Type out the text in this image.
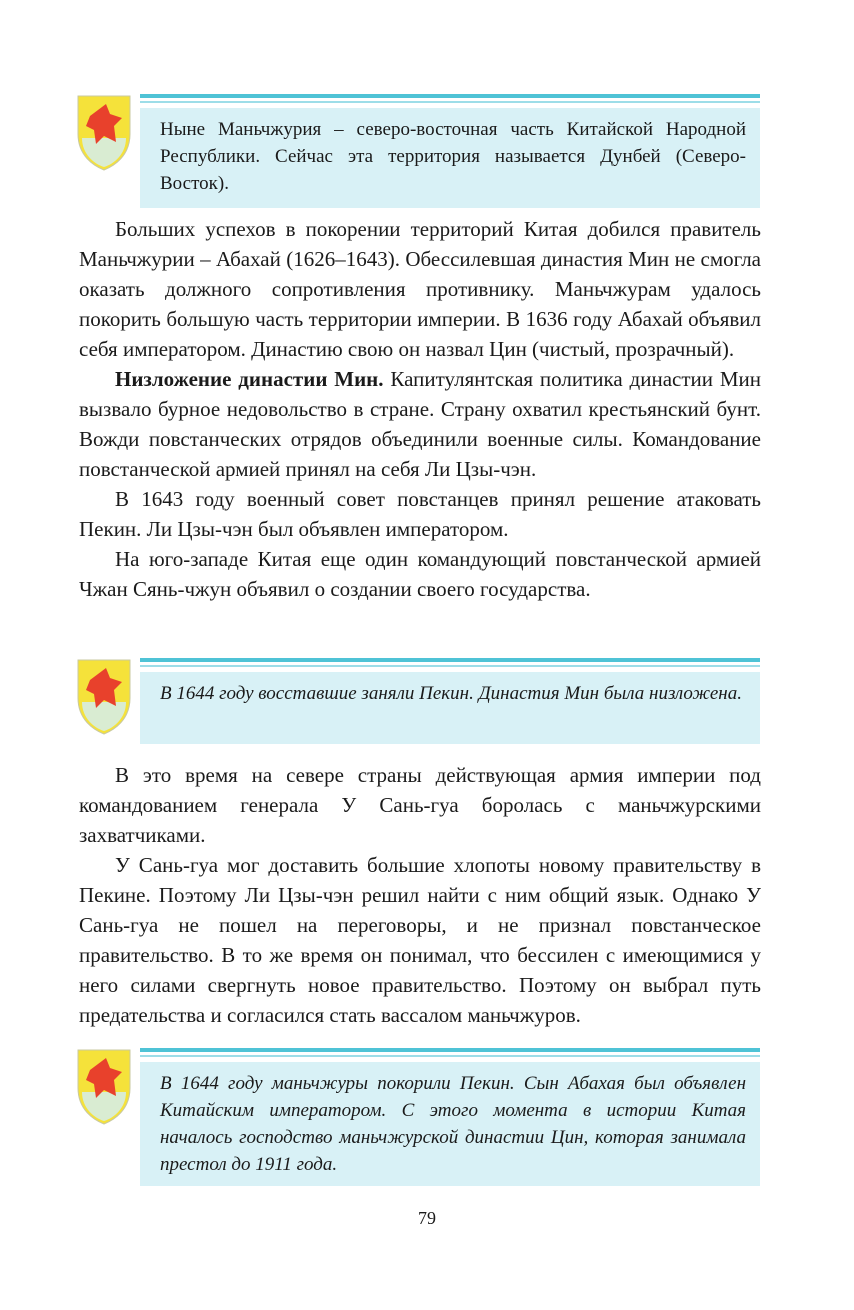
Ныне Маньчжурия – северо-восточная часть Китайской Народной Республики. Сейчас эта территория называется Дунбей (Северо-Восток).

Больших успехов в покорении территорий Китая добился правитель Маньчжурии – Абахай (1626–1643). Обессилевшая династия Мин не смогла оказать должного сопротивления противнику. Маньчжурам удалось покорить большую часть территории империи. В 1636 году Абахай объявил себя императором. Династию свою он назвал Цин (чистый, прозрачный).

Низложение династии Мин. Капитулянтская политика династии Мин вызвало бурное недовольство в стране. Страну охватил крестьянский бунт. Вожди повстанческих отрядов объединили военные силы. Командование повстанческой армией принял на себя Ли Цзы-чэн.

В 1643 году военный совет повстанцев принял решение атаковать Пекин. Ли Цзы-чэн был объявлен императором.

На юго-западе Китая еще один командующий повстанческой армией Чжан Сянь-чжун объявил о создании своего государства.

В 1644 году восставшие заняли Пекин. Династия Мин была низложена.

В это время на севере страны действующая армия империи под командованием генерала У Сань-гуа боролась с маньчжурскими захватчиками.

У Сань-гуа мог доставить большие хлопоты новому правительству в Пекине. Поэтому Ли Цзы-чэн решил найти с ним общий язык. Однако У Сань-гуа не пошел на переговоры, и не признал повстанческое правительство. В то же время он понимал, что бессилен с имеющимися у него силами свергнуть новое правительство. Поэтому он выбрал путь предательства и согласился стать вассалом маньчжуров.

В 1644 году маньчжуры покорили Пекин. Сын Абахая был объявлен Китайским императором. С этого момента в истории Китая началось господство маньчжурской династии Цин, которая занимала престол до 1911 года.

79
